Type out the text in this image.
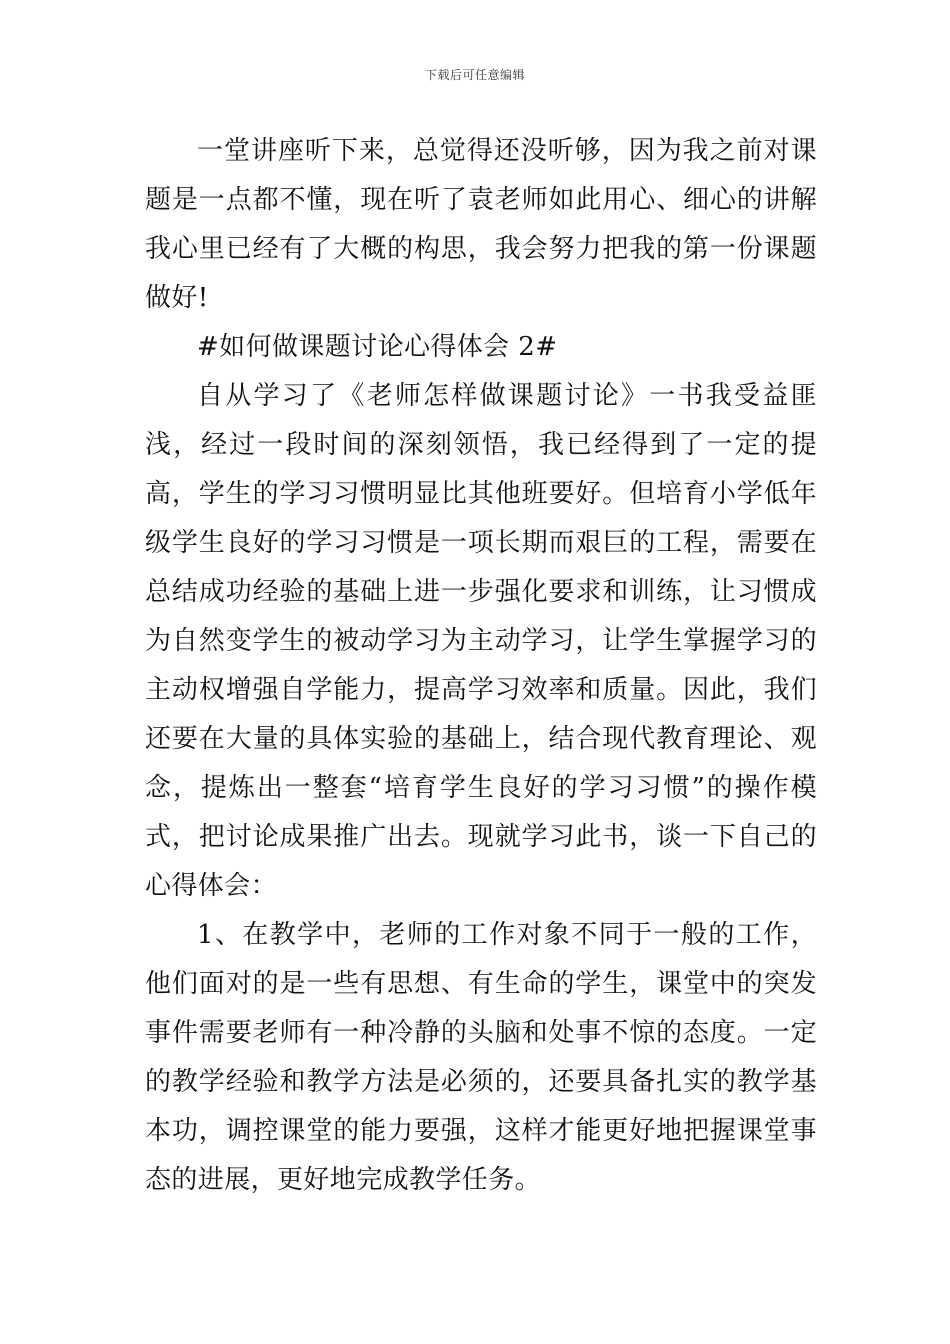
下载后可任意编辑

一堂讲座听下来，总觉得还没听够，因为我之前对课题是一点都不懂，现在听了袁老师如此用心、细心的讲解我心里已经有了大概的构思，我会努力把我的第一份课题做好!

#如何做课题讨论心得体会 2#

自从学习了《老师怎样做课题讨论》一书我受益匪浅，经过一段时间的深刻领悟，我已经得到了一定的提高，学生的学习习惯明显比其他班要好。但培育小学低年级学生良好的学习习惯是一项长期而艰巨的工程，需要在总结成功经验的基础上进一步强化要求和训练，让习惯成为自然变学生的被动学习为主动学习，让学生掌握学习的主动权增强自学能力，提高学习效率和质量。因此，我们还要在大量的具体实验的基础上，结合现代教育理论、观念，提炼出一整套“培育学生良好的学习习惯”的操作模式，把讨论成果推广出去。现就学习此书，谈一下自己的心得体会：

1、在教学中，老师的工作对象不同于一般的工作，他们面对的是一些有思想、有生命的学生，课堂中的突发事件需要老师有一种冷静的头脑和处事不惊的态度。一定的教学经验和教学方法是必须的，还要具备扎实的教学基本功，调控课堂的能力要强，这样才能更好地把握课堂事态的进展，更好地完成教学任务。
